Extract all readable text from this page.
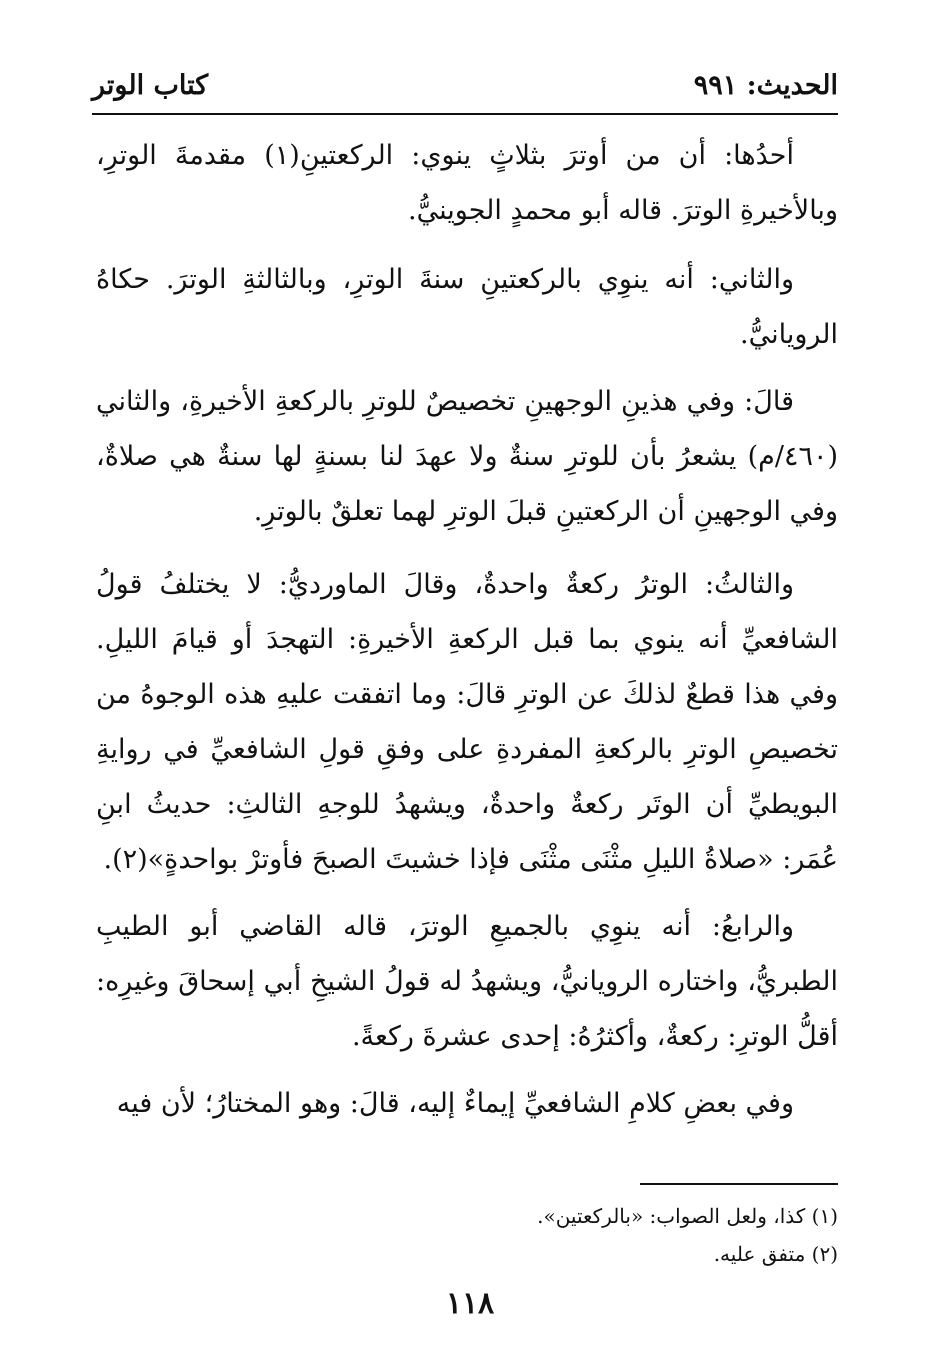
الحديث: ٩٩١
كتاب الوتر

أحدُها: أن من أوترَ بثلاثٍ ينوي: الركعتينِ(١) مقدمةَ الوترِ، وبالأخيرةِ الوترَ. قاله أبو محمدٍ الجوينيُّ.

والثاني: أنه ينوِي بالركعتينِ سنةَ الوترِ، وبالثالثةِ الوترَ. حكاهُ الرويانيُّ.

قالَ: وفي هذينِ الوجهينِ تخصيصٌ للوترِ بالركعةِ الأخيرةِ، والثاني (٤٦٠/م) يشعرُ بأن للوترِ سنةٌ ولا عهدَ لنا بسنةٍ لها سنةٌ هي صلاةٌ، وفي الوجهينِ أن الركعتينِ قبلَ الوترِ لهما تعلقٌ بالوترِ.

والثالثُ: الوترُ ركعةٌ واحدةٌ، وقالَ الماورديُّ: لا يختلفُ قولُ الشافعيِّ أنه ينوي بما قبل الركعةِ الأخيرةِ: التهجدَ أو قيامَ الليلِ. وفي هذا قطعٌ لذلكَ عن الوترِ قالَ: وما اتفقت عليهِ هذه الوجوهُ من تخصيصِ الوترِ بالركعةِ المفردةِ على وفقِ قولِ الشافعيِّ في روايةِ البويطيِّ أن الوتَر ركعةٌ واحدةٌ، ويشهدُ للوجهِ الثالثِ: حديثُ ابنِ عُمَر: «صلاةُ الليلِ مثْنَى مثْنَى فإذا خشيتَ الصبحَ فأوترْ بواحدةٍ»(٢).

والرابعُ: أنه ينوِي بالجميعِ الوترَ، قاله القاضي أبو الطيبِ الطبريُّ، واختاره الرويانيُّ، ويشهدُ له قولُ الشيخِ أبي إسحاقَ وغيرِه: أقلُّ الوترِ: ركعةٌ، وأكثرُهُ: إحدى عشرةَ ركعةً.

وفي بعضِ كلامِ الشافعيِّ إيماءٌ إليه، قالَ: وهو المختارُ؛ لأن فيه

(١) كذا، ولعل الصواب: «بالركعتين».

(٢) متفق عليه.

١١٨
